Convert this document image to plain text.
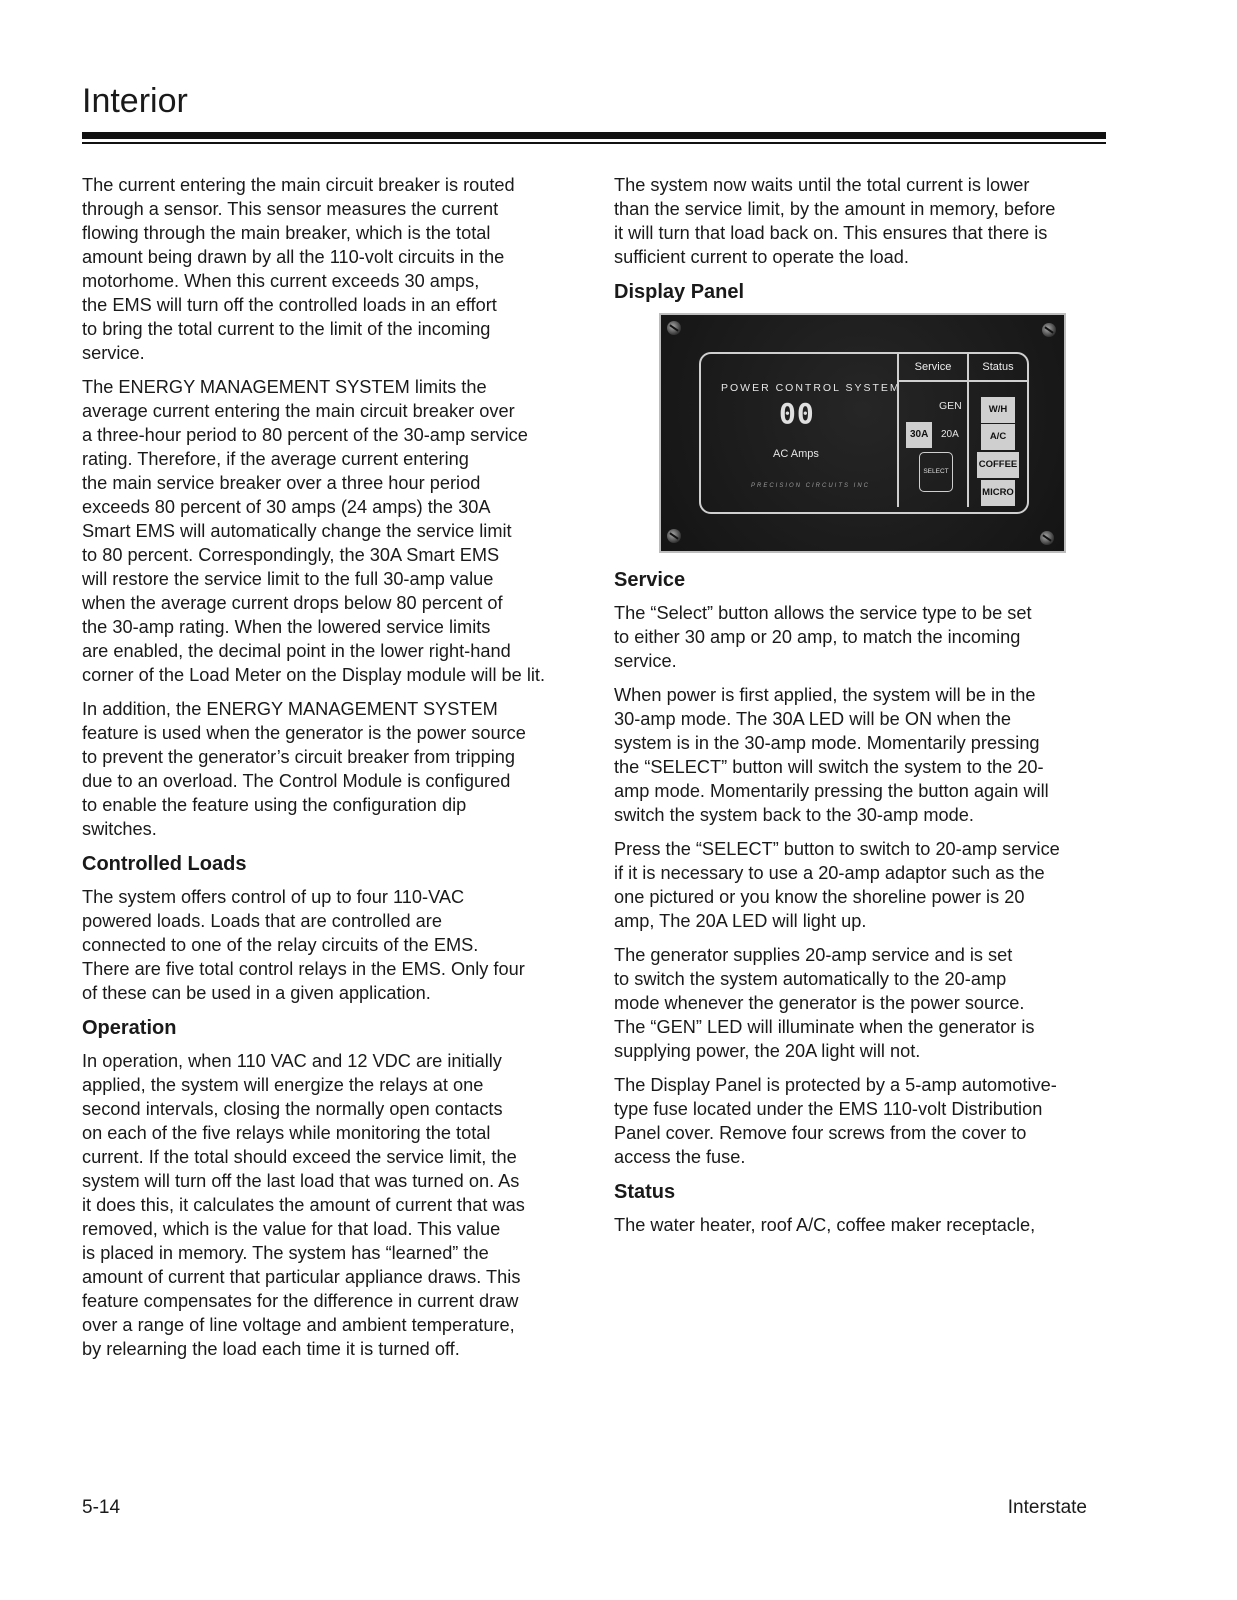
Interior

The current entering the main circuit breaker is routed
through a sensor. This sensor measures the current
flowing through the main breaker, which is the total
amount being drawn by all the 110-volt circuits in the
motorhome. When this current exceeds 30 amps,
the EMS will turn off the controlled loads in an effort
to bring the total current to the limit of the incoming
service.

The ENERGY MANAGEMENT SYSTEM limits the
average current entering the main circuit breaker over
a three-hour period to 80 percent of the 30-amp service
rating. Therefore, if the average current entering
the main service breaker over a three hour period
exceeds 80 percent of 30 amps (24 amps) the 30A
Smart EMS will automatically change the service limit
to 80 percent. Correspondingly, the 30A Smart EMS
will restore the service limit to the full 30-amp value
when the average current drops below 80 percent of
the 30-amp rating. When the lowered service limits
are enabled, the decimal point in the lower right-hand
corner of the Load Meter on the Display module will be lit.

In addition, the ENERGY MANAGEMENT SYSTEM
feature is used when the generator is the power source
to prevent the generator’s circuit breaker from tripping
due to an overload. The Control Module is configured
to enable the feature using the configuration dip
switches.

Controlled Loads

The system offers control of up to four 110-VAC
powered loads. Loads that are controlled are
connected to one of the relay circuits of the EMS.
There are five total control relays in the EMS. Only four
of these can be used in a given application.

Operation

In operation, when 110 VAC and 12 VDC are initially
applied, the system will energize the relays at one
second intervals, closing the normally open contacts
on each of the five relays while monitoring the total
current. If the total should exceed the service limit, the
system will turn off the last load that was turned on. As
it does this, it calculates the amount of current that was
removed, which is the value for that load. This value
is placed in memory. The system has “learned” the
amount of current that particular appliance draws. This
feature compensates for the difference in current draw
over a range of line voltage and ambient temperature,
by relearning the load each time it is turned off.

The system now waits until the total current is lower
than the service limit, by the amount in memory, before
it will turn that load back on. This ensures that there is
sufficient current to operate the load.

Display Panel
POWER CONTROL SYSTEM
00
AC Amps
PRECISION CIRCUITS INC
Service	Status
GEN
30A	20A
SELECT
W/H
A/C
COFFEE
MICRO
Service

The “Select” button allows the service type to be set
to either 30 amp or 20 amp, to match the incoming
service.

When power is first applied, the system will be in the
30-amp mode. The 30A LED will be ON when the
system is in the 30-amp mode. Momentarily pressing
the “SELECT” button will switch the system to the 20-
amp mode. Momentarily pressing the button again will
switch the system back to the 30-amp mode.

Press the “SELECT” button to switch to 20-amp service
if it is necessary to use a 20-amp adaptor such as the
one pictured or you know the shoreline power is 20
amp, The 20A LED will light up.

The generator supplies 20-amp service and is set
to switch the system automatically to the 20-amp
mode whenever the generator is the power source.
The “GEN” LED will illuminate when the generator is
supplying power, the 20A light will not.

The Display Panel is protected by a 5-amp automotive-
type fuse located under the EMS 110-volt Distribution
Panel cover. Remove four screws from the cover to
access the fuse.

Status

The water heater, roof A/C, coffee maker receptacle,

5-14	Interstate
